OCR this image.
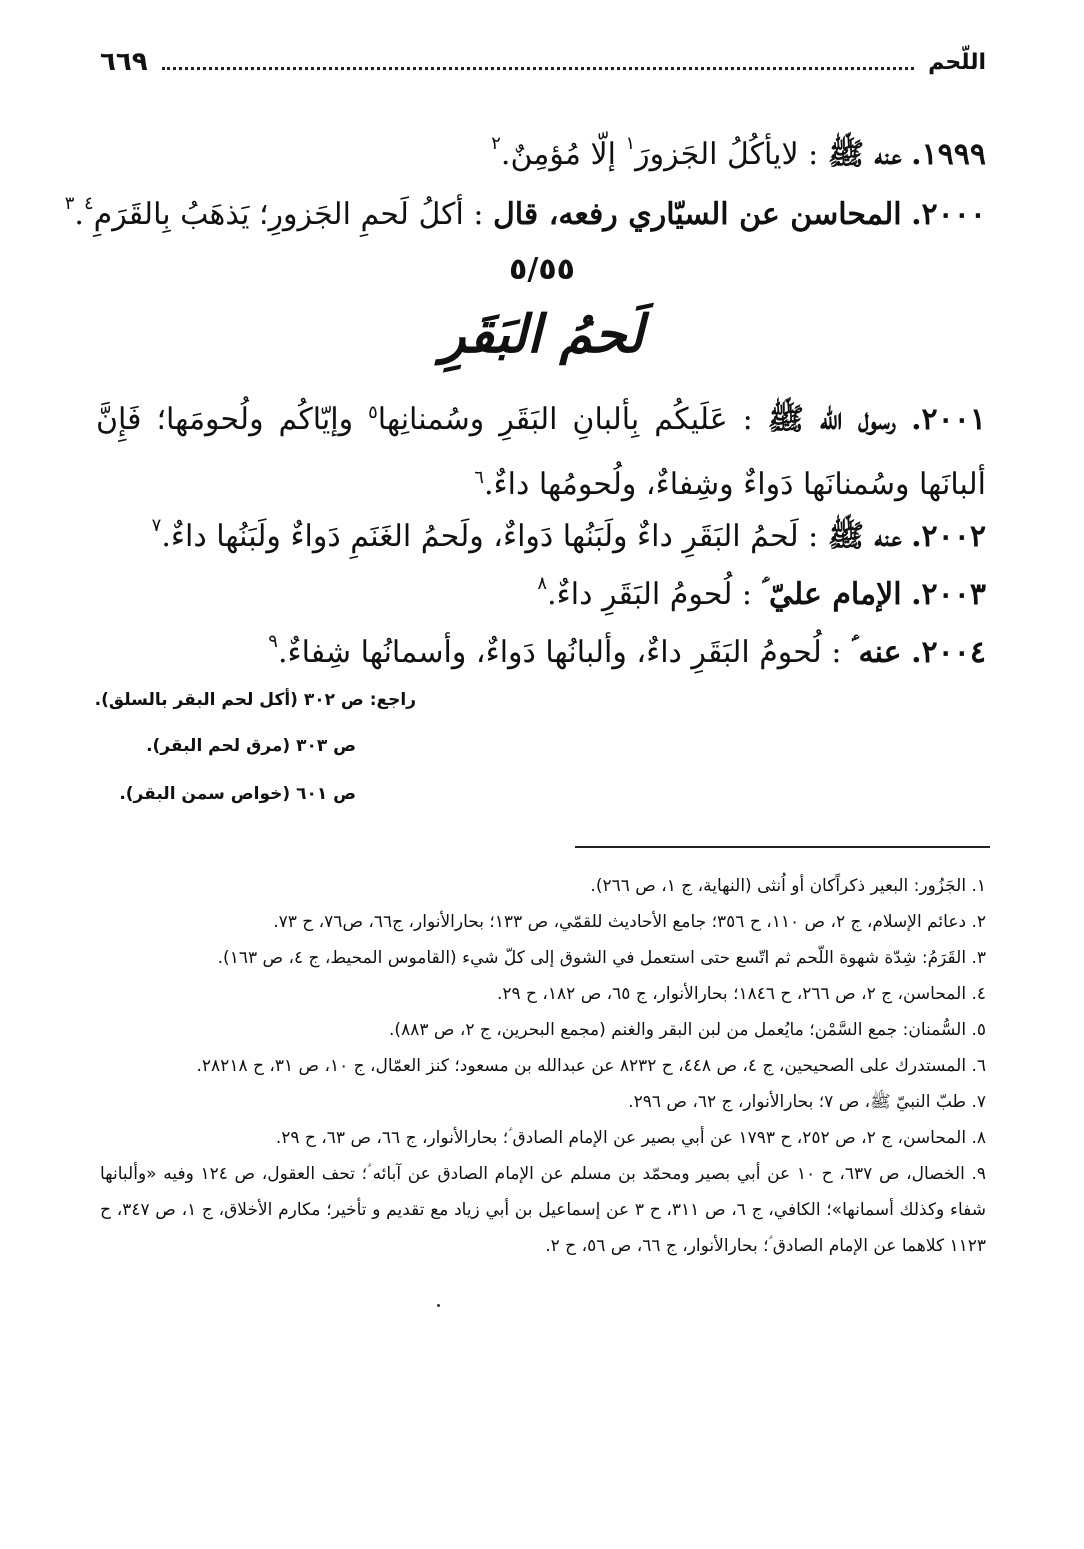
اللّحم
٦٦٩
١٩٩٩. عنه ﷺ : لايأكُلُ الجَزورَ$^١$ إلّا مُؤمِنٌ.$^٢$
٢٠٠٠. المحاسن عن السيّاري رفعه، قال : أكلُ لَحمِ الجَزورِ؛ يَذهَبُ بِالقَرَمِ$^٣$.$^٤$
٥/٥٥
لَحمُ البَقَرِ
٢٠٠١. رسول الله ﷺ : عَلَيكُم بِألبانِ البَقَرِ وسُمنانِها$^٥$ وإيّاكُم ولُحومَها؛ فَإِنَّ ألبانَها وسُمنانَها دَواءٌ وشِفاءٌ، ولُحومُها داءٌ.$^٦$
٢٠٠٢. عنه ﷺ : لَحمُ البَقَرِ داءٌ ولَبَنُها دَواءٌ، ولَحمُ الغَنَمِ دَواءٌ ولَبَنُها داءٌ.$^٧$
٢٠٠٣. الإمام عليّ ؑ : لُحومُ البَقَرِ داءٌ.$^٨$
٢٠٠٤. عنه ؑ : لُحومُ البَقَرِ داءٌ، وألبانُها دَواءٌ، وأسمانُها شِفاءٌ.$^٩$
راجع: ص ٣٠٢ (أكل لحم البقر بالسلق).
ص ٣٠٣ (مرق لحم البقر).
ص ٦٠١ (خواص سمن البقر).

١. الجَزُور: البعير ذكراًكان أو اُنثى (النهاية، ج ١، ص ٢٦٦).

٢. دعائم الإسلام، ج ٢، ص ١١٠، ح ٣٥٦؛ جامع الأحاديث للقمّي، ص ١٣٣؛ بحارالأنوار، ج٦٦، ص٧٦، ح ٧٣.

٣. القَرَمُ: شِدّة شهوة اللّحم ثم اتّسع حتى استعمل في الشوق إلى كلّ شيء (القاموس المحيط، ج ٤، ص ١٦٣).

٤. المحاسن، ج ٢، ص ٢٦٦، ح ١٨٤٦؛ بحارالأنوار، ج ٦٥، ص ١٨٢، ح ٢٩.

٥. السُّمنان: جمع السَّمْن؛ مايُعمل من لبن البقر والغنم (مجمع البحرين، ج ٢، ص ٨٨٣).

٦. المستدرك على الصحيحين، ج ٤، ص ٤٤٨، ح ٨٢٣٢ عن عبدالله بن مسعود؛ كنز العمّال، ج ١٠، ص ٣١، ح ٢٨٢١٨.

٧. طبّ النبيّ ﷺ، ص ٧؛ بحارالأنوار، ج ٦٢، ص ٢٩٦.

٨. المحاسن، ج ٢، ص ٢٥٢، ح ١٧٩٣ عن أبي بصير عن الإمام الصادق ؑ؛ بحارالأنوار، ج ٦٦، ص ٦٣، ح ٢٩.

٩. الخصال، ص ٦٣٧، ح ١٠ عن أبي بصير ومحمّد بن مسلم عن الإمام الصادق عن آبائه ؑ؛ تحف العقول، ص ١٢٤ وفيه «وألبانها شفاء وكذلك أسمانها»؛ الكافي، ج ٦، ص ٣١١، ح ٣ عن إسماعيل بن أبي زياد مع تقديم و تأخير؛ مكارم الأخلاق، ج ١، ص ٣٤٧، ح ١١٢٣ كلاهما عن الإمام الصادق ؑ؛ بحارالأنوار، ج ٦٦، ص ٥٦، ح ٢.
